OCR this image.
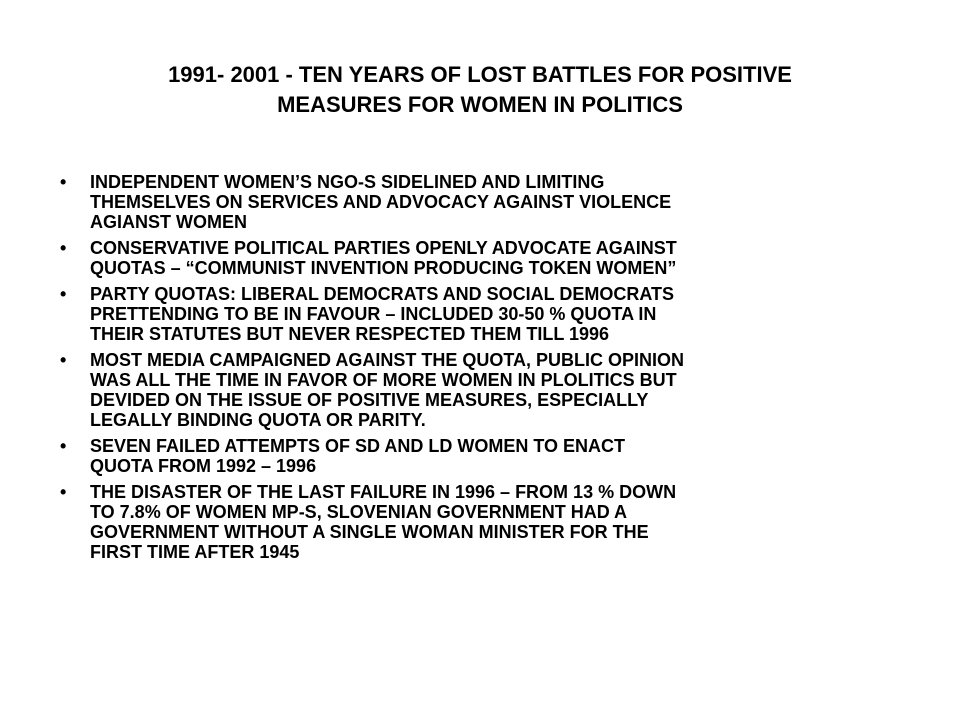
1991- 2001 - TEN YEARS OF LOST BATTLES FOR POSITIVE
MEASURES FOR WOMEN IN POLITICS
• INDEPENDENT WOMEN’S NGO-S SIDELINED AND LIMITING
THEMSELVES ON SERVICES AND ADVOCACY AGAINST VIOLENCE
AGIANST WOMEN
• CONSERVATIVE POLITICAL PARTIES OPENLY ADVOCATE AGAINST
QUOTAS – “COMMUNIST INVENTION PRODUCING TOKEN WOMEN”
• PARTY QUOTAS: LIBERAL DEMOCRATS AND SOCIAL DEMOCRATS
PRETTENDING TO BE IN FAVOUR – INCLUDED 30-50 % QUOTA IN
THEIR STATUTES BUT NEVER RESPECTED THEM TILL 1996
• MOST MEDIA CAMPAIGNED AGAINST THE QUOTA, PUBLIC OPINION
WAS ALL THE TIME IN FAVOR OF MORE WOMEN IN PLOLITICS BUT
DEVIDED ON THE ISSUE OF POSITIVE MEASURES, ESPECIALLY
LEGALLY BINDING QUOTA OR PARITY.
• SEVEN FAILED ATTEMPTS OF SD AND LD WOMEN TO ENACT
QUOTA FROM 1992 – 1996
• THE DISASTER OF THE LAST FAILURE IN 1996 – FROM 13 % DOWN
TO 7.8% OF WOMEN MP-S, SLOVENIAN GOVERNMENT HAD A
GOVERNMENT WITHOUT A SINGLE WOMAN MINISTER FOR THE
FIRST TIME AFTER 1945
